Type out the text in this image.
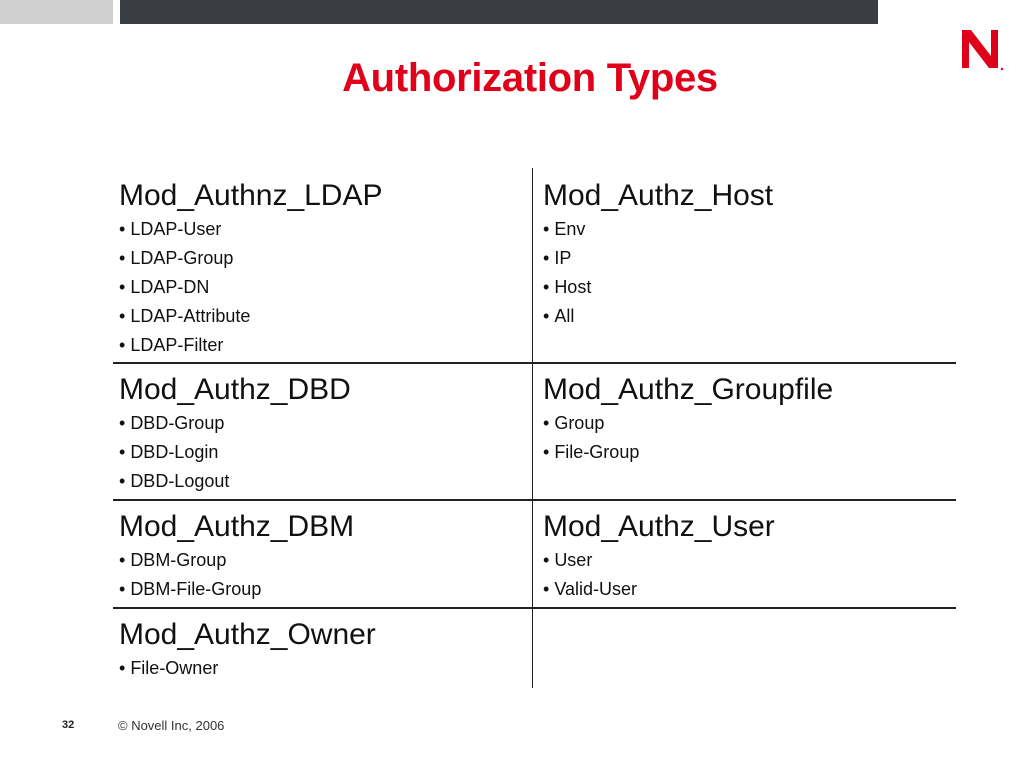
Authorization Types
Mod_Authnz_LDAP
• LDAP-User
• LDAP-Group
• LDAP-DN
• LDAP-Attribute
• LDAP-Filter
Mod_Authz_Host
• Env
• IP
• Host
• All
Mod_Authz_DBD
• DBD-Group
• DBD-Login
• DBD-Logout
Mod_Authz_Groupfile
• Group
• File-Group
Mod_Authz_DBM
• DBM-Group
• DBM-File-Group
Mod_Authz_User
• User
• Valid-User
Mod_Authz_Owner
• File-Owner
32	© Novell Inc, 2006
